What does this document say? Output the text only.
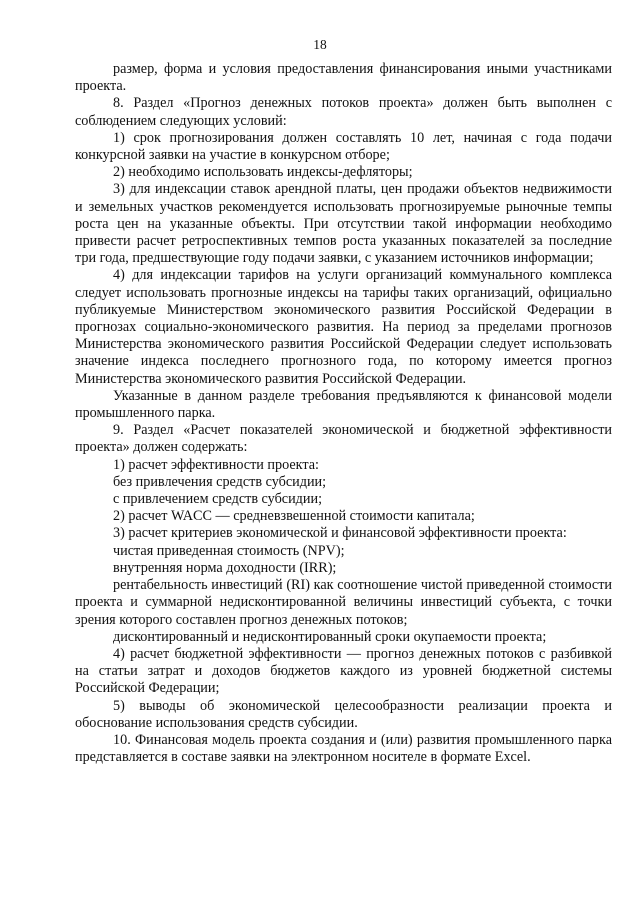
18

размер, форма и условия предоставления финансирования иными участниками проекта.

8. Раздел «Прогноз денежных потоков проекта» должен быть выполнен с соблюдением следующих условий:

1) срок прогнозирования должен составлять 10 лет, начиная с года подачи конкурсной заявки на участие в конкурсном отборе;

2) необходимо использовать индексы-дефляторы;

3) для индексации ставок арендной платы, цен продажи объектов недвижимости и земельных участков рекомендуется использовать прогнозируемые рыночные темпы роста цен на указанные объекты. При отсутствии такой информации необходимо привести расчет ретроспективных темпов роста указанных показателей за последние три года, предшествующие году подачи заявки, с указанием источников информации;

4) для индексации тарифов на услуги организаций коммунального комплекса следует использовать прогнозные индексы на тарифы таких организаций, официально публикуемые Министерством экономического развития Российской Федерации в прогнозах социально-экономического развития. На период за пределами прогнозов Министерства экономического развития Российской Федерации следует использовать значение индекса последнего прогнозного года, по которому имеется прогноз Министерства экономического развития Российской Федерации.

Указанные в данном разделе требования предъявляются к финансовой модели промышленного парка.

9. Раздел «Расчет показателей экономической и бюджетной эффективности проекта» должен содержать:

1) расчет эффективности проекта:

без привлечения средств субсидии;

с привлечением средств субсидии;

2) расчет WACC — средневзвешенной стоимости капитала;

3) расчет критериев экономической и финансовой эффективности проекта:

чистая приведенная стоимость (NPV);

внутренняя норма доходности (IRR);

рентабельность инвестиций (RI) как соотношение чистой приведенной стоимости проекта и суммарной недисконтированной величины инвестиций субъекта, с точки зрения которого составлен прогноз денежных потоков;

дисконтированный и недисконтированный сроки окупаемости проекта;

4) расчет бюджетной эффективности — прогноз денежных потоков с разбивкой на статьи затрат и доходов бюджетов каждого из уровней бюджетной системы Российской Федерации;

5) выводы об экономической целесообразности реализации проекта и обоснование использования средств субсидии.

10. Финансовая модель проекта создания и (или) развития промышленного парка представляется в составе заявки на электронном носителе в формате Excel.
